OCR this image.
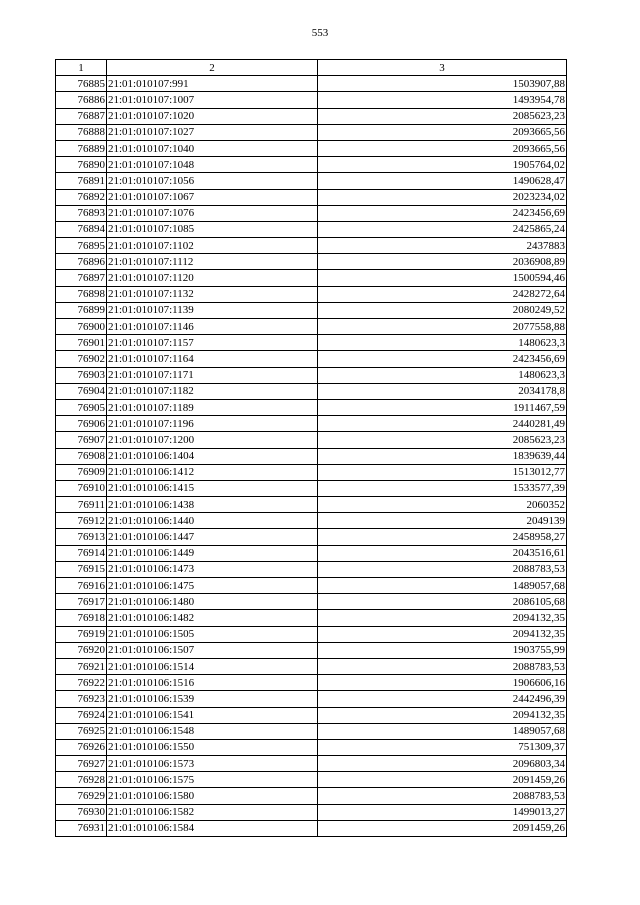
553
1	2	3
76885	21:01:010107:991	1503907,88
76886	21:01:010107:1007	1493954,78
76887	21:01:010107:1020	2085623,23
76888	21:01:010107:1027	2093665,56
76889	21:01:010107:1040	2093665,56
76890	21:01:010107:1048	1905764,02
76891	21:01:010107:1056	1490628,47
76892	21:01:010107:1067	2023234,02
76893	21:01:010107:1076	2423456,69
76894	21:01:010107:1085	2425865,24
76895	21:01:010107:1102	2437883
76896	21:01:010107:1112	2036908,89
76897	21:01:010107:1120	1500594,46
76898	21:01:010107:1132	2428272,64
76899	21:01:010107:1139	2080249,52
76900	21:01:010107:1146	2077558,88
76901	21:01:010107:1157	1480623,3
76902	21:01:010107:1164	2423456,69
76903	21:01:010107:1171	1480623,3
76904	21:01:010107:1182	2034178,8
76905	21:01:010107:1189	1911467,59
76906	21:01:010107:1196	2440281,49
76907	21:01:010107:1200	2085623,23
76908	21:01:010106:1404	1839639,44
76909	21:01:010106:1412	1513012,77
76910	21:01:010106:1415	1533577,39
76911	21:01:010106:1438	2060352
76912	21:01:010106:1440	2049139
76913	21:01:010106:1447	2458958,27
76914	21:01:010106:1449	2043516,61
76915	21:01:010106:1473	2088783,53
76916	21:01:010106:1475	1489057,68
76917	21:01:010106:1480	2086105,68
76918	21:01:010106:1482	2094132,35
76919	21:01:010106:1505	2094132,35
76920	21:01:010106:1507	1903755,99
76921	21:01:010106:1514	2088783,53
76922	21:01:010106:1516	1906606,16
76923	21:01:010106:1539	2442496,39
76924	21:01:010106:1541	2094132,35
76925	21:01:010106:1548	1489057,68
76926	21:01:010106:1550	751309,37
76927	21:01:010106:1573	2096803,34
76928	21:01:010106:1575	2091459,26
76929	21:01:010106:1580	2088783,53
76930	21:01:010106:1582	1499013,27
76931	21:01:010106:1584	2091459,26
